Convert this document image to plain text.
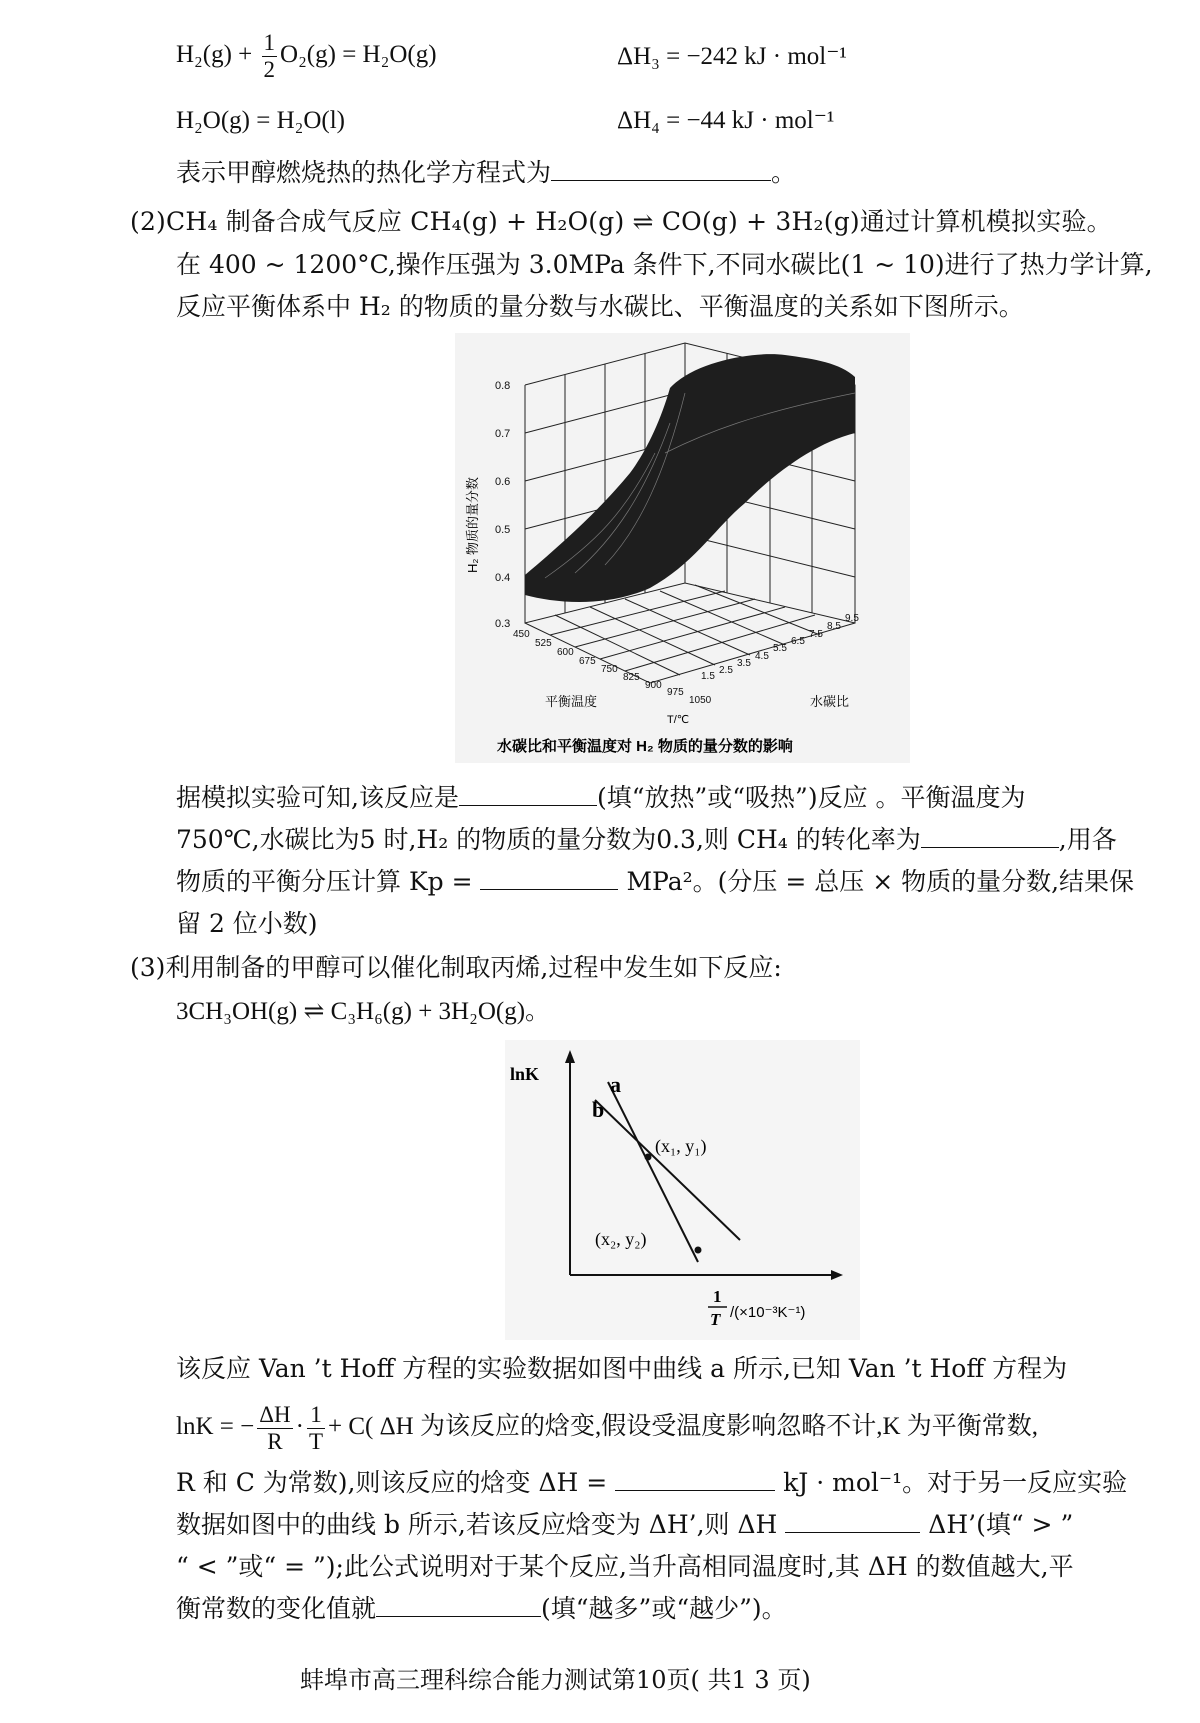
$H_2(g) + \frac{1}{2} O_2(g) = H_2O(g)$	ΔH₃ = −242 kJ · mol⁻¹
H₂O(g) = H₂O(l)	ΔH₄ = −44 kJ · mol⁻¹
表示甲醇燃烧热的热化学方程式为	。
(2)CH₄ 制备合成气反应 CH₄(g) + H₂O(g) ⇌ CO(g) + 3H₂(g)通过计算机模拟实验。
在 400 ~ 1200°C,操作压强为 3.0MPa 条件下,不同水碳比(1 ~ 10)进行了热力学计算,
反应平衡体系中 H₂ 的物质的量分数与水碳比、平衡温度的关系如下图所示。
0.8
0.7
0.6
0.5
0.4
0.3
H₂ 物质的量分数
450
525
600
675
750
825
900
975
1050
1.5
2.5
3.5
4.5
5.5
6.5
7.5
8.5
9.5
平衡温度
T/℃
水碳比
水碳比和平衡温度对 H₂ 物质的量分数的影响
据模拟实验可知,该反应是	(填“放热”或“吸热”)反应 。平衡温度为
750℃,水碳比为5 时,H₂ 的物质的量分数为0.3,则 CH₄ 的转化率为	,用各
物质的平衡分压计算 Kp =	MPa²。(分压 = 总压 × 物质的量分数,结果保
留 2 位小数)
(3)利用制备的甲醇可以催化制取丙烯,过程中发生如下反应:
3CH₃OH(g) ⇌ C₃H₆(g) + 3H₂O(g)。
lnK	a
b
(x₁, y₁)
(x₂, y₂)
1
T /(×10⁻³K⁻¹)
该反应 Van ’t Hoff 方程的实验数据如图中曲线 a 所示,已知 Van ’t Hoff 方程为
lnK = − $\frac{\Delta H}{R} \cdot \frac{1}{T} + C$( ΔH 为该反应的焓变,假设受温度影响忽略不计,K 为平衡常数,
R 和 C 为常数),则该反应的焓变 ΔH =	kJ · mol⁻¹。对于另一反应实验
数据如图中的曲线 b 所示,若该反应焓变为 ΔH’,则 ΔH	ΔH’(填“ > ”
“ < ”或“ = ”);此公式说明对于某个反应,当升高相同温度时,其 ΔH 的数值越大,平
衡常数的变化值就	(填“越多”或“越少”)。
蚌埠市高三理科综合能力测试第10页( 共1 3 页)
